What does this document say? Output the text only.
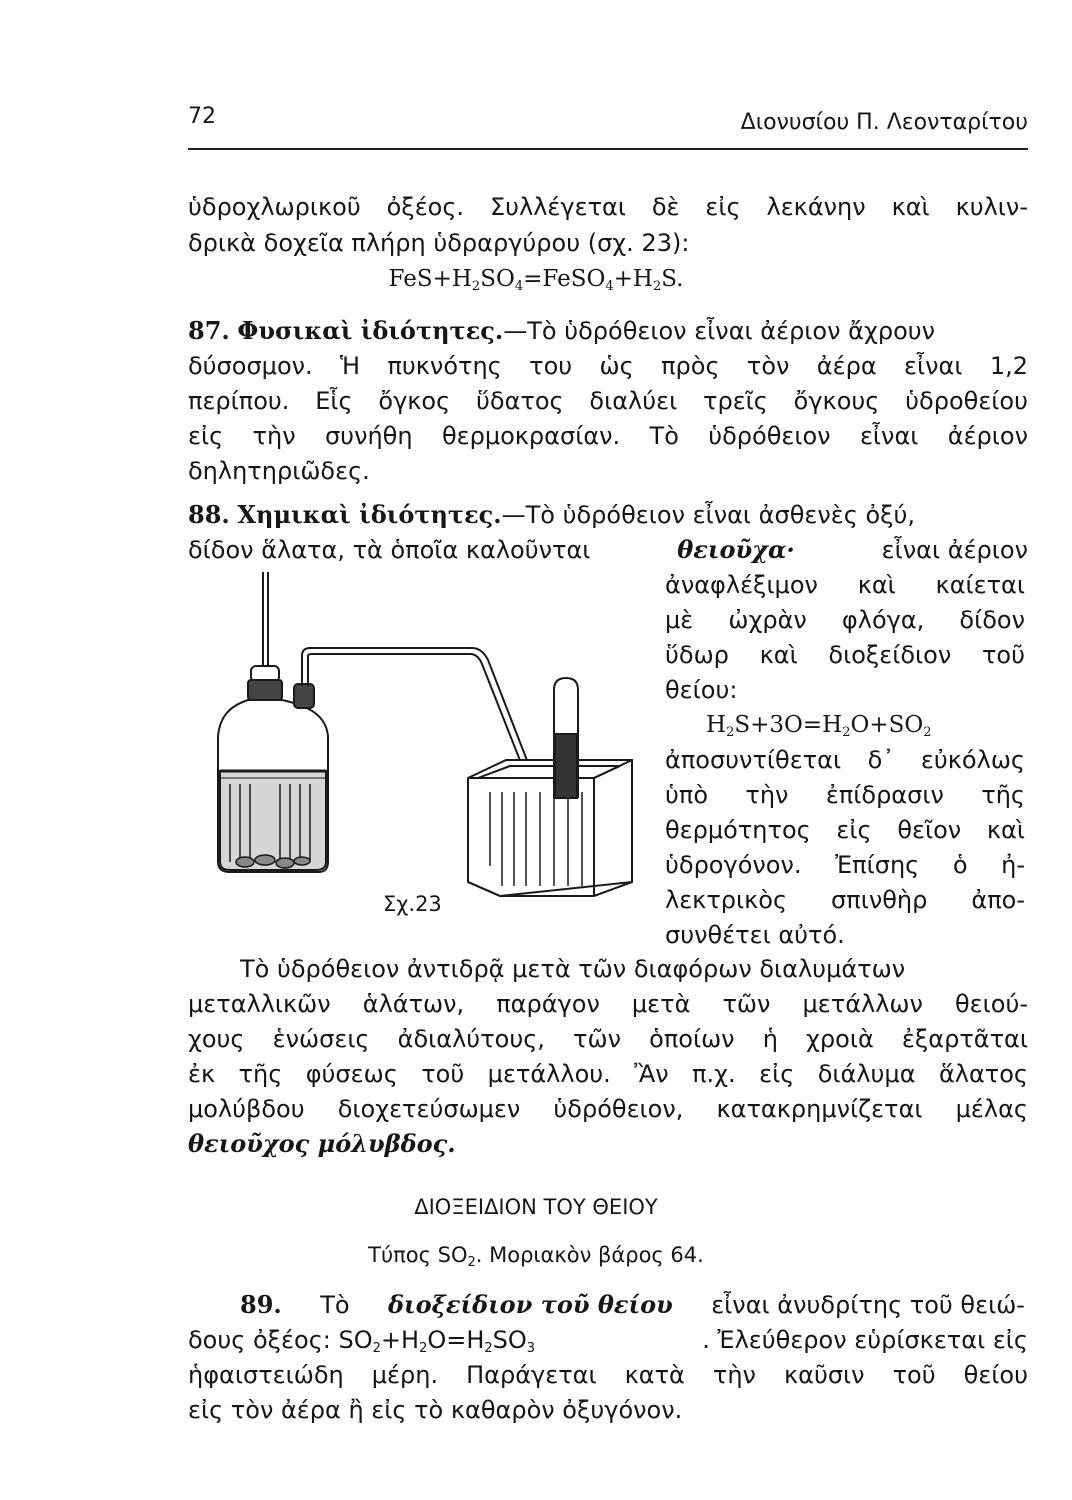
72	Διονυσίου Π. Λεονταρίτου
ὑδροχλωρικοῦ ὀξέος. Συλλέγεται δὲ εἰς λεκάνην καὶ κυλιν-
δρικὰ δοχεῖα πλήρη ὑδραργύρου (σχ. 23):
$FeS+H_2SO_4=FeSO_4+H_2S$.
87. Φυσικαὶ ἰδιότητες.—Τὸ ὑδρόθειον εἶναι ἀέριον ἄχρουν
δύσοσμον. Ἡ πυκνότης του ὡς πρὸς τὸν ἀέρα εἶναι 1,2
περίπου. Εἷς ὄγκος ὕδατος διαλύει τρεῖς ὄγκους ὑδροθείου
εἰς τὴν συνήθη θερμοκρασίαν. Τὸ ὑδρόθειον εἶναι ἀέριον
δηλητηριῶδες.
88. Χημικαὶ ἰδιότητες.—Τὸ ὑδρόθειον εἶναι ἀσθενὲς ὀξύ,
δίδον ἅλατα, τὰ ὁποῖα καλοῦνται	θειοῦχα·	εἶναι ἀέριον
ἀναφλέξιμον καὶ καίεται
μὲ ὠχρὰν φλόγα, δίδον
ὕδωρ καὶ διοξείδιον τοῦ
θείου:
$H_2S+3O=H_2O+SO_2$
ἀποσυντίθεται δ᾽ εὐκόλως
ὑπὸ τὴν ἐπίδρασιν τῆς
θερμότητος εἰς θεῖον καὶ
ὑδρογόνον. Ἐπίσης ὁ ἠ-
λεκτρικὸς σπινθὴρ ἀπο-
συνθέτει αὐτό.
Σχ.23
Τὸ ὑδρόθειον ἀντιδρᾷ μετὰ τῶν διαφόρων διαλυμάτων
μεταλλικῶν ἁλάτων, παράγον μετὰ τῶν μετάλλων θειού-
χους ἑνώσεις ἀδιαλύτους, τῶν ὁποίων ἡ χροιὰ ἐξαρτᾶται
ἐκ τῆς φύσεως τοῦ μετάλλου. Ἂν π.χ. εἰς διάλυμα ἅλατος
μολύβδου διοχετεύσωμεν ὑδρόθειον, κατακρημνίζεται μέλας
θειοῦχος μόλυβδος.
ΔΙΟΞΕΙΔΙΟΝ ΤΟΥ ΘΕΙΟΥ
Τύπος $SO_2$. Μοριακὸν βάρος 64.
89. Τὸ διοξείδιον τοῦ θείου εἶναι ἀνυδρίτης τοῦ θειώ-
δους ὀξέος: $SO_2+H_2O=H_2SO_3$	. Ἐλεύθερον εὑρίσκεται εἰς
ἡφαιστειώδη μέρη. Παράγεται κατὰ τὴν καῦσιν τοῦ θείου
εἰς τὸν ἀέρα ἢ εἰς τὸ καθαρὸν ὀξυγόνον.
